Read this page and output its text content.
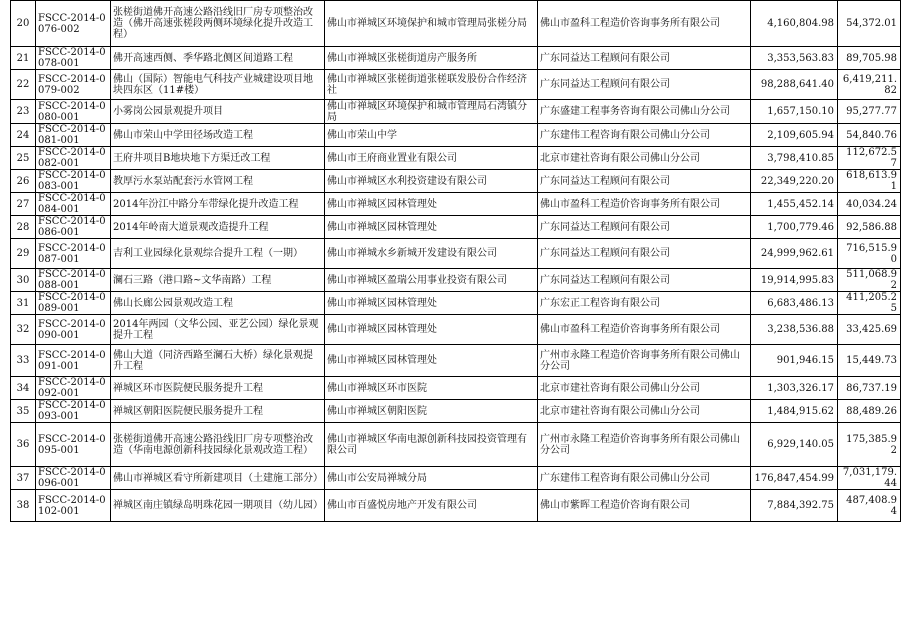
20	FSCC-2014-0076-002	张槎街道佛开高速公路沿线旧厂房专项整治改造（佛开高速张槎段两侧环境绿化提升改造工程）	佛山市禅城区环境保护和城市管理局张槎分局	佛山市盈科工程造价咨询事务所有限公司	4,160,804.98	54,372.01
21	FSCC-2014-0078-001	佛开高速西侧、季华路北侧区间道路工程	佛山市禅城区张槎街道房产服务所	广东同益达工程顾问有限公司	3,353,563.83	89,705.98
22	FSCC-2014-0079-002	佛山（国际）智能电气科技产业城建设项目地块四东区（11#楼）	佛山市禅城区张槎街道张槎联发股份合作经济社	广东同益达工程顾问有限公司	98,288,641.40	6,419,211.82
23	FSCC-2014-0080-001	小雾岗公园景观提升项目	佛山市禅城区环境保护和城市管理局石湾镇分局	广东盛建工程事务咨询有限公司佛山分公司	1,657,150.10	95,277.77
24	FSCC-2014-0081-001	佛山市荣山中学田径场改造工程	佛山市荣山中学	广东建伟工程咨询有限公司佛山分公司	2,109,605.94	54,840.76
25	FSCC-2014-0082-001	王府井项目B地块地下方渠迁改工程	佛山市王府商业置业有限公司	北京市建社咨询有限公司佛山分公司	3,798,410.85	112,672.57
26	FSCC-2014-0083-001	教厚污水泵站配套污水管网工程	佛山市禅城区水利投资建设有限公司	广东同益达工程顾问有限公司	22,349,220.20	618,613.91
27	FSCC-2014-0084-001	2014年汾江中路分车带绿化提升改造工程	佛山市禅城区园林管理处	佛山市盈科工程造价咨询事务所有限公司	1,455,452.14	40,034.24
28	FSCC-2014-0086-001	2014年岭南大道景观改造提升工程	佛山市禅城区园林管理处	广东同益达工程顾问有限公司	1,700,779.46	92,586.88
29	FSCC-2014-0087-001	吉利工业园绿化景观综合提升工程（一期）	佛山市禅城水乡新城开发建设有限公司	广东同益达工程顾问有限公司	24,999,962.61	716,515.90
30	FSCC-2014-0088-001	澜石三路（港口路~文华南路）工程	佛山市禅城区盈瑞公用事业投资有限公司	广东同益达工程顾问有限公司	19,914,995.83	511,068.92
31	FSCC-2014-0089-001	佛山长廊公园景观改造工程	佛山市禅城区园林管理处	广东宏正工程咨询有限公司	6,683,486.13	411,205.25
32	FSCC-2014-0090-001	2014年两园（文华公园、亚艺公园）绿化景观提升工程	佛山市禅城区园林管理处	佛山市盈科工程造价咨询事务所有限公司	3,238,536.88	33,425.69
33	FSCC-2014-0091-001	佛山大道（同济西路至澜石大桥）绿化景观提升工程	佛山市禅城区园林管理处	广州市永隆工程造价咨询事务所有限公司佛山分公司	901,946.15	15,449.73
34	FSCC-2014-0092-001	禅城区环市医院便民服务提升工程	佛山市禅城区环市医院	北京市建社咨询有限公司佛山分公司	1,303,326.17	86,737.19
35	FSCC-2014-0093-001	禅城区朝阳医院便民服务提升工程	佛山市禅城区朝阳医院	北京市建社咨询有限公司佛山分公司	1,484,915.62	88,489.26
36	FSCC-2014-0095-001	张槎街道佛开高速公路沿线旧厂房专项整治改造（华南电源创新科技园绿化景观改造工程）	佛山市禅城区华南电源创新科技园投资管理有限公司	广州市永隆工程造价咨询事务所有限公司佛山分公司	6,929,140.05	175,385.92
37	FSCC-2014-0096-001	佛山市禅城区看守所新建项目（土建施工部分）	佛山市公安局禅城分局	广东建伟工程咨询有限公司佛山分公司	176,847,454.99	7,031,179.44
38	FSCC-2014-0102-001	禅城区南庄镇绿岛明珠花园一期项目（幼儿园）	佛山市百盛悦房地产开发有限公司	佛山市紫晖工程造价咨询有限公司	7,884,392.75	487,408.94
